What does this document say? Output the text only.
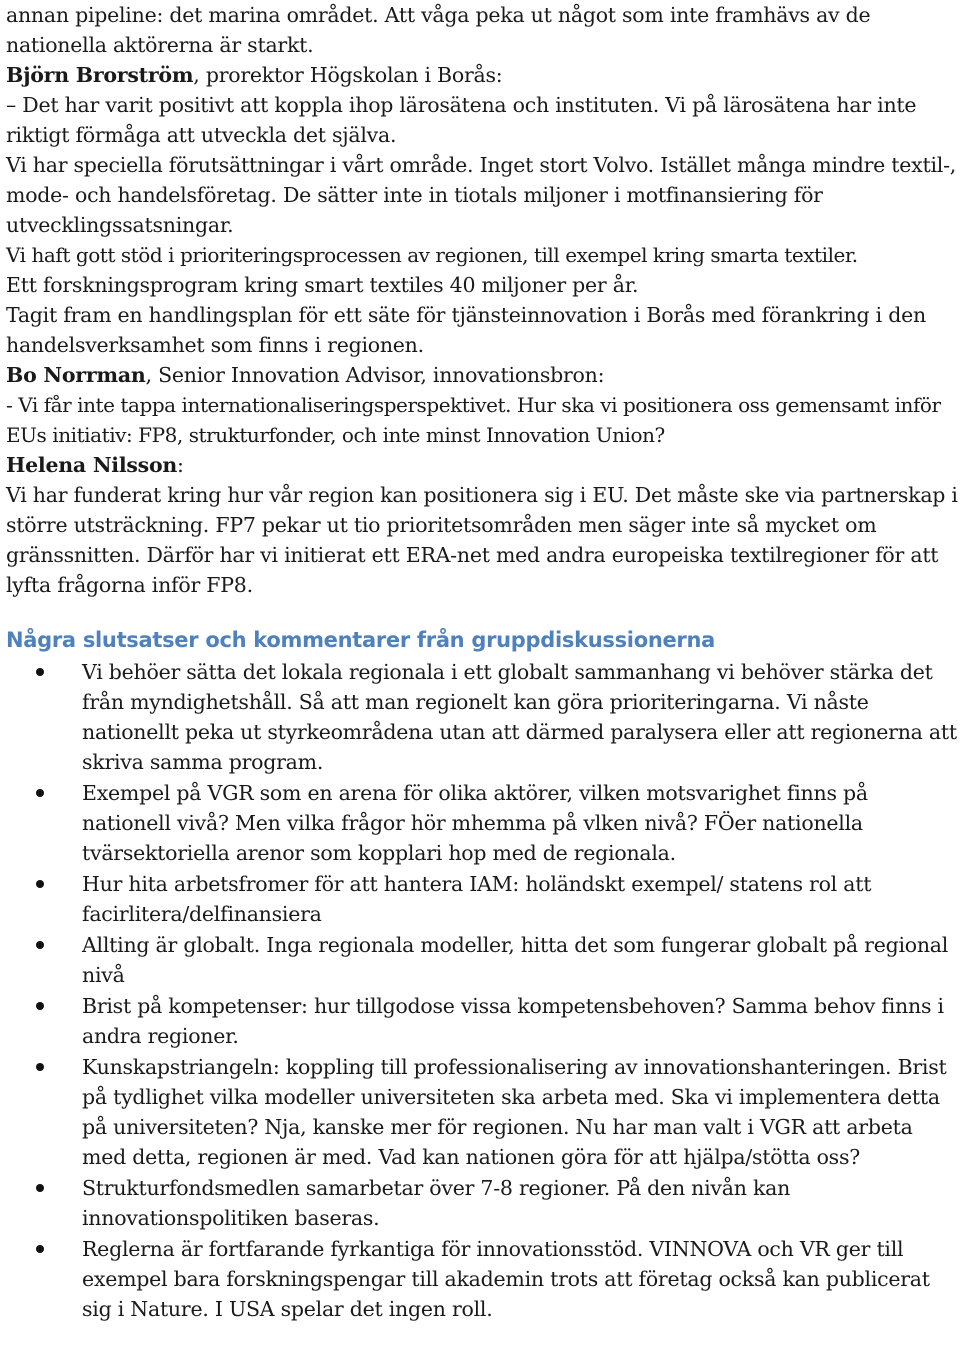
annan pipeline: det marina området. Att våga peka ut något som inte framhävs av de nationella aktörerna är starkt.

Björn Brorström, prorektor Högskolan i Borås:

– Det har varit positivt att koppla ihop lärosätena och instituten. Vi på lärosätena har inte riktigt förmåga att utveckla det själva.

Vi har speciella förutsättningar i vårt område. Inget stort Volvo. Istället många mindre textil-, mode- och handelsföretag. De sätter inte in tiotals miljoner i motfinansiering för utvecklingssatsningar.

Vi haft gott stöd i prioriteringsprocessen av regionen, till exempel kring smarta textiler.

Ett forskningsprogram kring smart textiles 40 miljoner per år.

Tagit fram en handlingsplan för ett säte för tjänsteinnovation i Borås med förankring i den handelsverksamhet som finns i regionen.

Bo Norrman, Senior Innovation Advisor, innovationsbron:

- Vi får inte tappa internationaliseringsperspektivet. Hur ska vi positionera oss gemensamt inför EUs initiativ: FP8, strukturfonder, och inte minst Innovation Union?

Helena Nilsson:

Vi har funderat kring hur vår region kan positionera sig i EU. Det måste ske via partnerskap i större utsträckning. FP7 pekar ut tio prioritetsområden men säger inte så mycket om gränssnitten. Därför har vi initierat ett ERA-net med andra europeiska textilregioner för att lyfta frågorna inför FP8.

Några slutsatser och kommentarer från gruppdiskussionerna
Vi behöer sätta det lokala regionala i ett globalt sammanhang vi behöver stärka det från myndighetshåll. Så att man regionelt kan göra prioriteringarna. Vi nåste nationellt peka ut styrkeområdena utan att därmed paralysera eller att regionerna att skriva samma program.
Exempel på VGR som en arena för olika aktörer, vilken motsvarighet finns på nationell vivå? Men vilka frågor hör mhemma på vlken nivå? FÖer nationella tvärsektoriella arenor som kopplari hop med de regionala.
Hur hita arbetsfromer för att hantera IAM: holändskt exempel/ statens rol att facirlitera/delfinansiera
Allting är globalt. Inga regionala modeller, hitta det som fungerar globalt på regional nivå
Brist på kompetenser: hur tillgodose vissa kompetensbehoven? Samma behov finns i andra regioner.
Kunskapstriangeln: koppling till professionalisering av innovationshanteringen. Brist på tydlighet vilka modeller universiteten ska arbeta med. Ska vi implementera detta på universiteten? Nja, kanske mer för regionen. Nu har man valt i VGR att arbeta med detta, regionen är med. Vad kan nationen göra för att hjälpa/stötta oss?
Strukturfondsmedlen samarbetar över 7-8 regioner. På den nivån kan innovationspolitiken baseras.
Reglerna är fortfarande fyrkantiga för innovationsstöd. VINNOVA och VR ger till exempel bara forskningspengar till akademin trots att företag också kan publicerat sig i Nature. I USA spelar det ingen roll.
